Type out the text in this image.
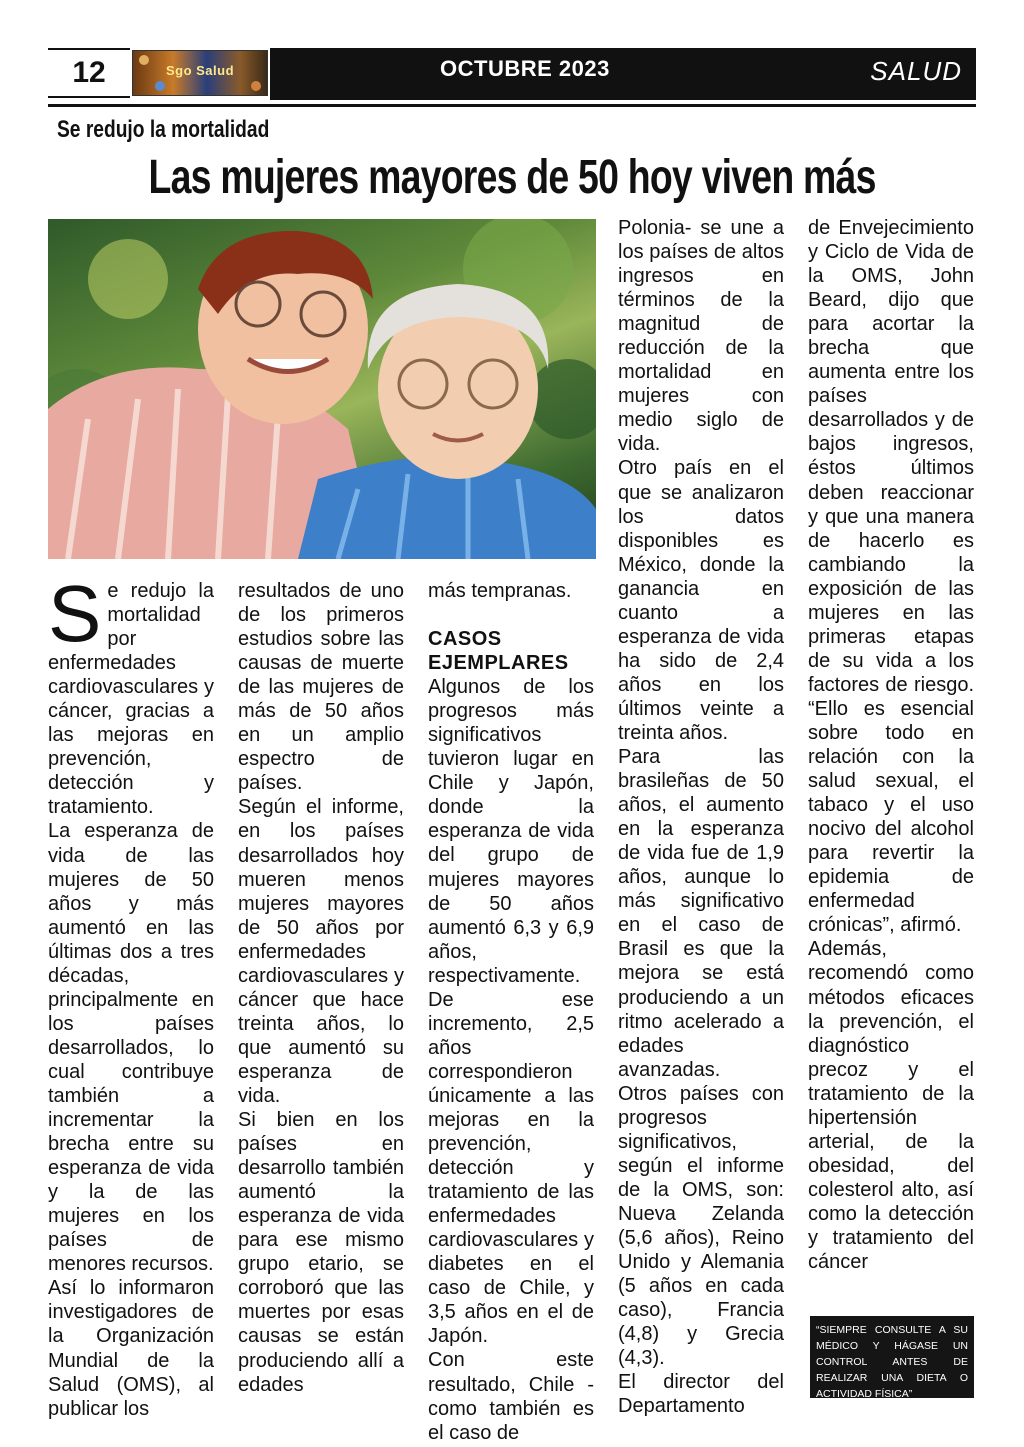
12	Sgo Salud	OCTUBRE 2023	SALUD
Se redujo la mortalidad
Las mujeres mayores de 50 hoy viven más

Se redujo la mortalidad por enfermedades cardiovasculares y cáncer, gracias a las mejoras en prevención, detección y tratamiento.

La esperanza de vida de las mujeres de 50 años y más aumentó en las últimas dos a tres décadas, principalmente en los países desarrollados, lo cual contribuye también a incrementar la brecha entre su esperanza de vida y la de las mujeres en los países de menores recursos.

Así lo informaron investigadores de la Organización Mundial de la Salud (OMS), al publicar los

resultados de uno de los primeros estudios sobre las causas de muerte de las mujeres de más de 50 años en un amplio espectro de países.

Según el informe, en los países desarrollados hoy mueren menos mujeres mayores de 50 años por enfermedades cardiovasculares y cáncer que hace treinta años, lo que aumentó su esperanza de vida.

Si bien en los países en desarrollo también aumentó la esperanza de vida para ese mismo grupo etario, se corroboró que las muertes por esas causas se están produciendo allí a edades

más tempranas.

CASOS EJEMPLARES

Algunos de los progresos más significativos tuvieron lugar en Chile y Japón, donde la esperanza de vida del grupo de mujeres mayores de 50 años aumentó 6,3 y 6,9 años, respectivamente. De ese incremento, 2,5 años correspondieron únicamente a las mejoras en la prevención, detección y tratamiento de las enfermedades cardiovasculares y diabetes en el caso de Chile, y 3,5 años en el de Japón.

Con este resultado, Chile -como también es el caso de

Polonia- se une a los países de altos ingresos en términos de la magnitud de reducción de la mortalidad en mujeres con medio siglo de vida.

Otro país en el que se analizaron los datos disponibles es México, donde la ganancia en cuanto a esperanza de vida ha sido de 2,4 años en los últimos veinte a treinta años.

Para las brasileñas de 50 años, el aumento en la esperanza de vida fue de 1,9 años, aunque lo más significativo en el caso de Brasil es que la mejora se está produciendo a un ritmo acelerado a edades avanzadas.

Otros países con progresos significativos, según el informe de la OMS, son: Nueva Zelanda (5,6 años), Reino Unido y Alemania (5 años en cada caso), Francia (4,8) y Grecia (4,3).

El director del Departamento

de Envejecimiento y Ciclo de Vida de la OMS, John Beard, dijo que para acortar la brecha que aumenta entre los países desarrollados y de bajos ingresos, éstos últimos deben reaccionar y que una manera de hacerlo es cambiando la exposición de las mujeres en las primeras etapas de su vida a los factores de riesgo. “Ello es esencial sobre todo en relación con la salud sexual, el tabaco y el uso nocivo del alcohol para revertir la epidemia de enfermedad crónicas”, afirmó.

Además, recomendó como métodos eficaces la prevención, el diagnóstico precoz y el tratamiento de la hipertensión arterial, de la obesidad, del colesterol alto, así como la detección y tratamiento del cáncer

“SIEMPRE CONSULTE A SU MÉDICO Y HÁGASE UN CONTROL ANTES DE REALIZAR UNA DIETA O ACTIVIDAD FÍSICA”
